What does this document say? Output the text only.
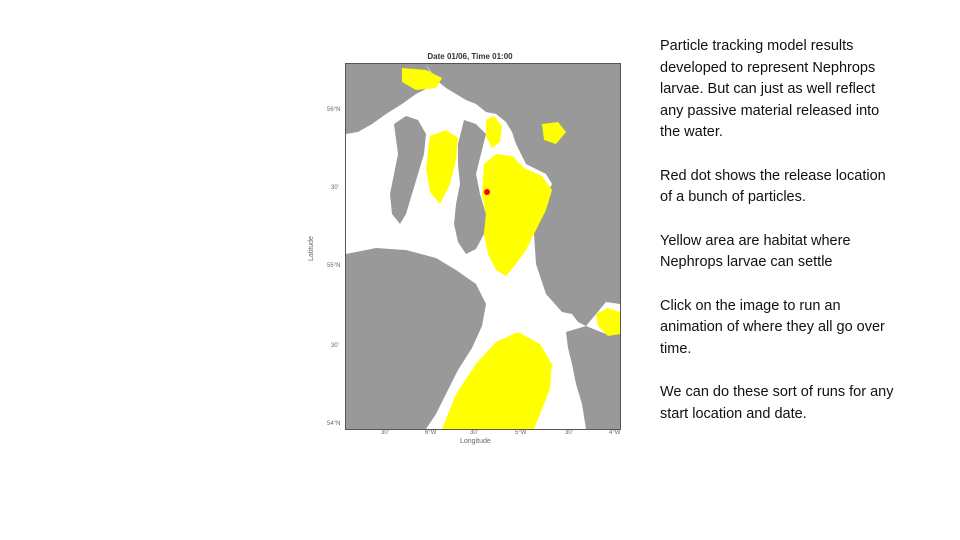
Date 01/06, Time 01:00
Latitude
Longitude
56°N
30'
55°N
30'
54°N
30'	6°W	30'	5°W	30'	4°W

Particle tracking model results developed to represent Nephrops larvae. But can just as well reflect any passive material released into the water.

Red dot shows the release location of a bunch of particles.

Yellow area are habitat where Nephrops larvae can settle

Click on the image to run an animation of where they all go over time.

We can do these sort of runs for any start location and date.
